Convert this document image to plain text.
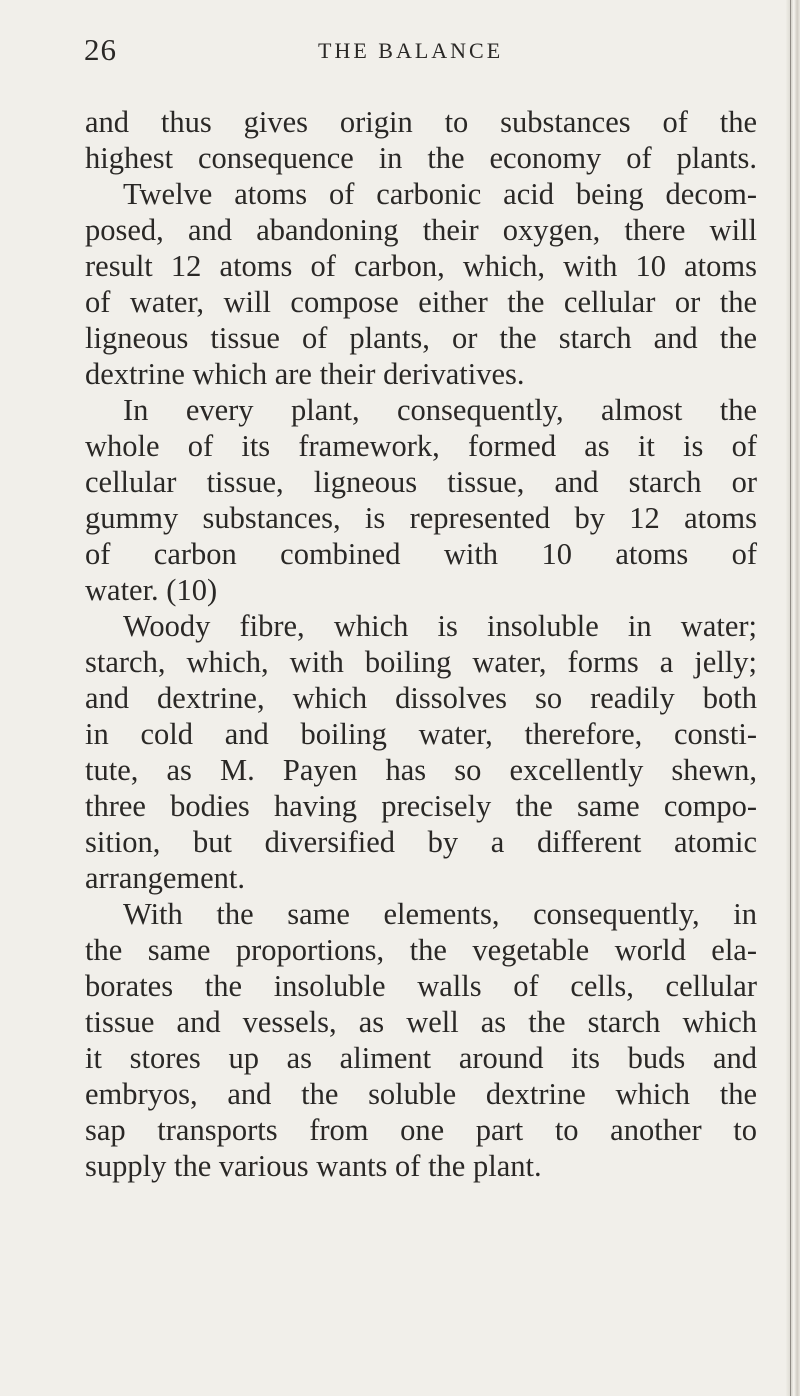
26	THE BALANCE
and thus gives origin to substances of the
highest consequence in the economy of plants.
Twelve atoms of carbonic acid being decom-
posed, and abandoning their oxygen, there will
result 12 atoms of carbon, which, with 10 atoms
of water, will compose either the cellular or the
ligneous tissue of plants, or the starch and the
dextrine which are their derivatives.
In every plant, consequently, almost the
whole of its framework, formed as it is of
cellular tissue, ligneous tissue, and starch or
gummy substances, is represented by 12 atoms
of carbon combined with 10 atoms of
water. (10)
Woody fibre, which is insoluble in water;
starch, which, with boiling water, forms a jelly;
and dextrine, which dissolves so readily both
in cold and boiling water, therefore, consti-
tute, as M. Payen has so excellently shewn,
three bodies having precisely the same compo-
sition, but diversified by a different atomic
arrangement.
With the same elements, consequently, in
the same proportions, the vegetable world ela-
borates the insoluble walls of cells, cellular
tissue and vessels, as well as the starch which
it stores up as aliment around its buds and
embryos, and the soluble dextrine which the
sap transports from one part to another to
supply the various wants of the plant.
